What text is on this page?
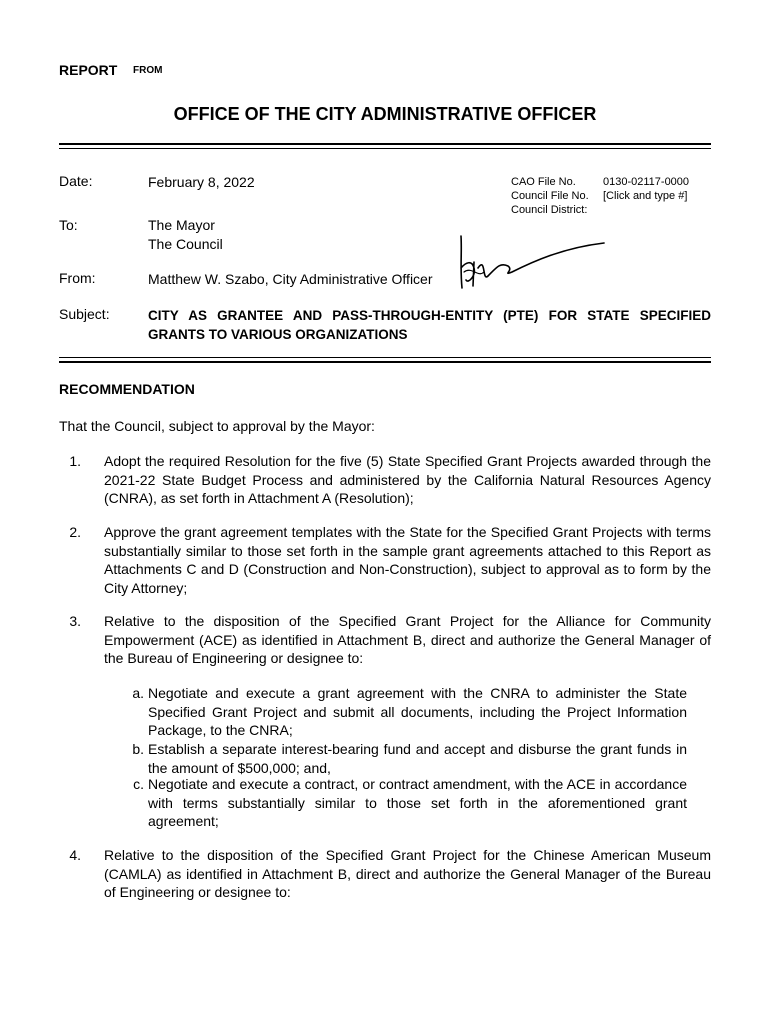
REPORT FROM
OFFICE OF THE CITY ADMINISTRATIVE OFFICER
Date:	February 8, 2022	CAO File No.	0130-02117-0000
Council File No.	[Click and type #]
Council District:
To:	The Mayor
The Council
From:	Matthew W. Szabo, City Administrative Officer
Subject:	CITY AS GRANTEE AND PASS-THROUGH-ENTITY (PTE) FOR STATE SPECIFIED GRANTS TO VARIOUS ORGANIZATIONS
RECOMMENDATION
That the Council, subject to approval by the Mayor:
1. Adopt the required Resolution for the five (5) State Specified Grant Projects awarded through the 2021-22 State Budget Process and administered by the California Natural Resources Agency (CNRA), as set forth in Attachment A (Resolution);
2. Approve the grant agreement templates with the State for the Specified Grant Projects with terms substantially similar to those set forth in the sample grant agreements attached to this Report as Attachments C and D (Construction and Non-Construction), subject to approval as to form by the City Attorney;
3. Relative to the disposition of the Specified Grant Project for the Alliance for Community Empowerment (ACE) as identified in Attachment B, direct and authorize the General Manager of the Bureau of Engineering or designee to:
a. Negotiate and execute a grant agreement with the CNRA to administer the State Specified Grant Project and submit all documents, including the Project Information Package, to the CNRA;
b. Establish a separate interest-bearing fund and accept and disburse the grant funds in the amount of $500,000; and,
c. Negotiate and execute a contract, or contract amendment, with the ACE in accordance with terms substantially similar to those set forth in the aforementioned grant agreement;
4. Relative to the disposition of the Specified Grant Project for the Chinese American Museum (CAMLA) as identified in Attachment B, direct and authorize the General Manager of the Bureau of Engineering or designee to:
